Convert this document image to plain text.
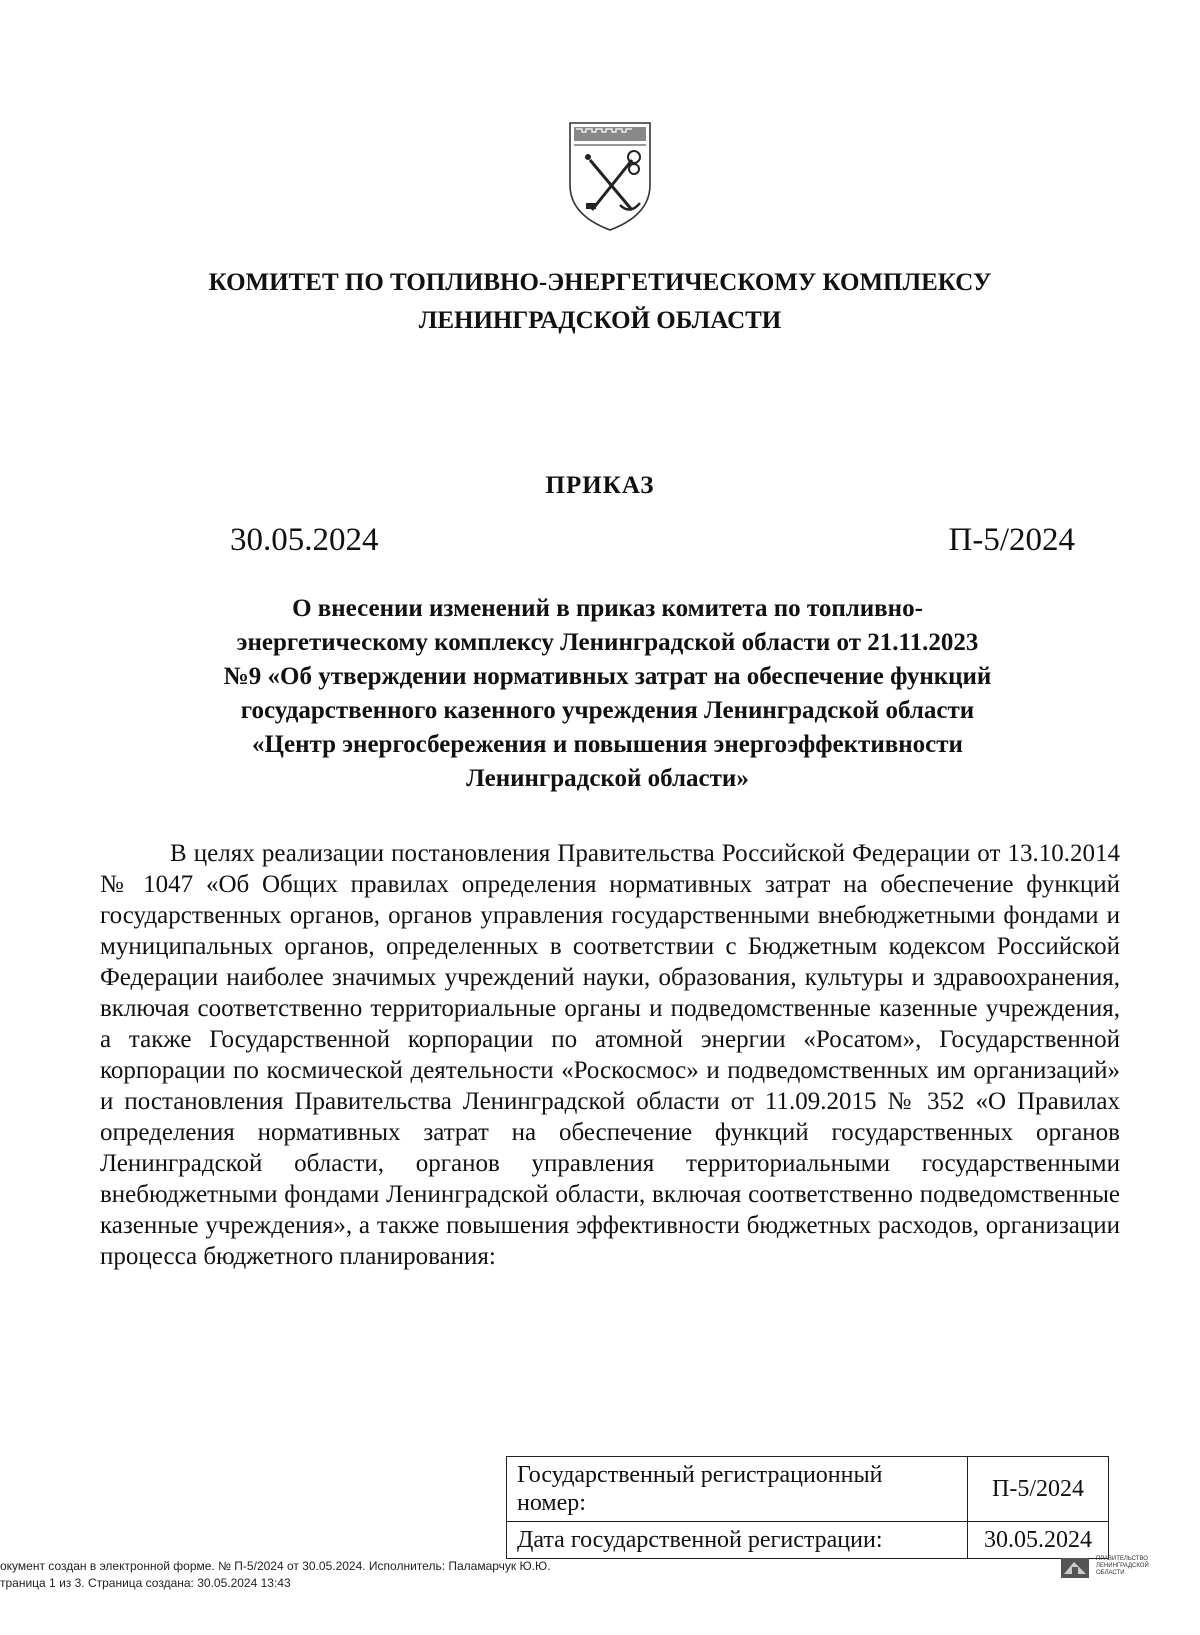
КОМИТЕТ ПО ТОПЛИВНО-ЭНЕРГЕТИЧЕСКОМУ КОМПЛЕКСУ
ЛЕНИНГРАДСКОЙ ОБЛАСТИ
ПРИКАЗ
30.05.2024	П-5/2024
О внесении изменений в приказ комитета по топливно-
энергетическому комплексу Ленинградской области от 21.11.2023
№9 «Об утверждении нормативных затрат на обеспечение функций
государственного казенного учреждения Ленинградской области
«Центр энергосбережения и повышения энергоэффективности
Ленинградской области»
В целях реализации постановления Правительства Российской Федерации от 13.10.2014 № 1047 «Об Общих правилах определения нормативных затрат на обеспечение функций государственных органов, органов управления государственными внебюджетными фондами и муниципальных органов, определенных в соответствии с Бюджетным кодексом Российской Федерации наиболее значимых учреждений науки, образования, культуры и здравоохранения, включая соответственно территориальные органы и подведомственные казенные учреждения, а также Государственной корпорации по атомной энергии «Росатом», Государственной корпорации по космической деятельности «Роскосмос» и подведомственных им организаций» и постановления Правительства Ленинградской области от 11.09.2015 № 352 «О Правилах определения нормативных затрат на обеспечение функций государственных органов Ленинградской области, органов управления территориальными государственными внебюджетными фондами Ленинградской области, включая соответственно подведомственные казенные учреждения», а также повышения эффективности бюджетных расходов, организации процесса бюджетного планирования:
Государственный регистрационный номер:	П-5/2024
Дата государственной регистрации:	30.05.2024
окумент создан в электронной форме. № П-5/2024 от 30.05.2024. Исполнитель: Паламарчук Ю.Ю.
траница 1 из 3. Страница создана: 30.05.2024 13:43
ПРАВИТЕЛЬСТВО
ЛЕНИНГРАДСКОЙ
ОБЛАСТИ
